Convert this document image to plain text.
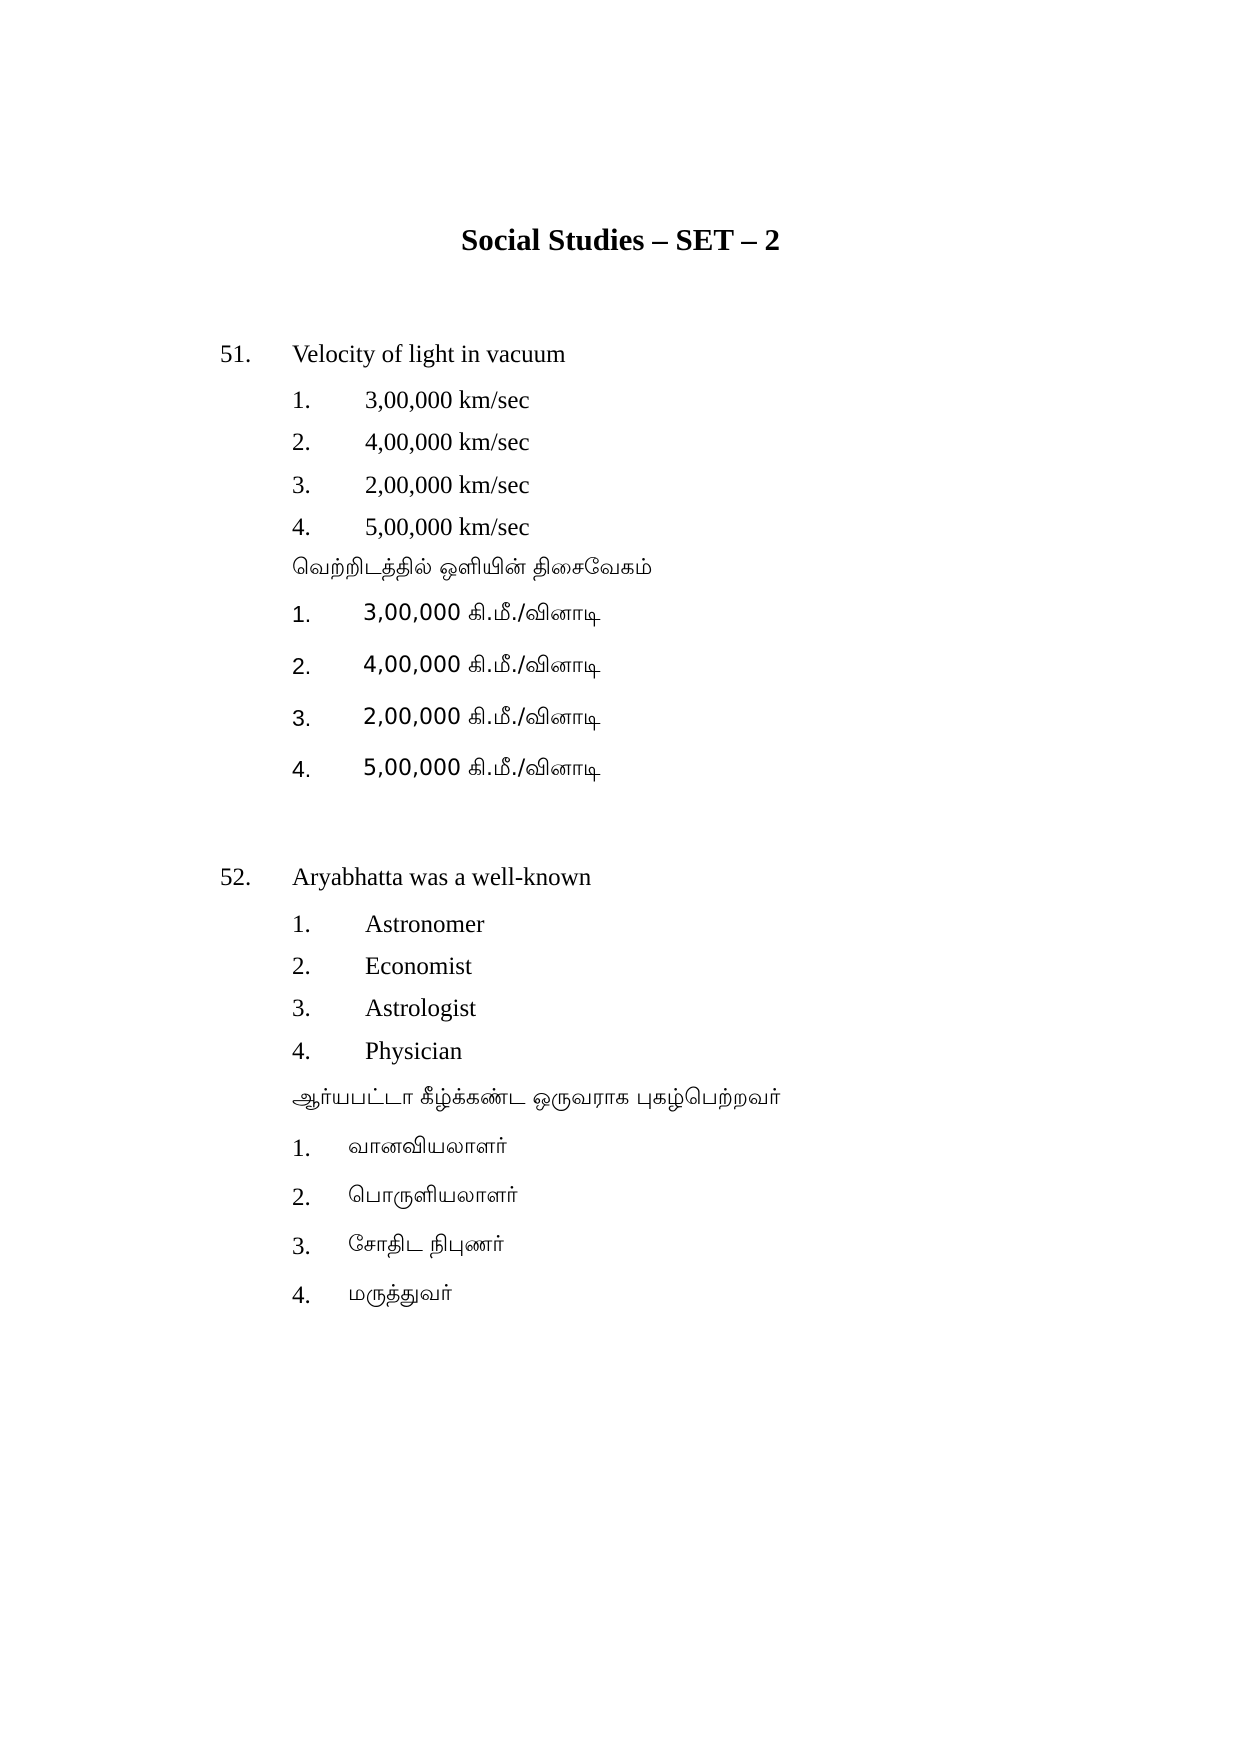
Social Studies – SET – 2
51. Velocity of light in vacuum
1. 3,00,000 km/sec
2. 4,00,000 km/sec
3. 2,00,000 km/sec
4. 5,00,000 km/sec
வெற்றிடத்தில் ஒளியின் திசைவேகம்
1. 3,00,000 கி.மீ./வினாடி
2. 4,00,000 கி.மீ./வினாடி
3. 2,00,000 கி.மீ./வினாடி
4. 5,00,000 கி.மீ./வினாடி
52. Aryabhatta was a well-known
1. Astronomer
2. Economist
3. Astrologist
4. Physician
ஆர்யபட்டா கீழ்க்கண்ட ஒருவராக புகழ்பெற்றவர்
1. வானவியலாளர்
2. பொருளியலாளர்
3. சோதிட நிபுணர்
4. மருத்துவர்
